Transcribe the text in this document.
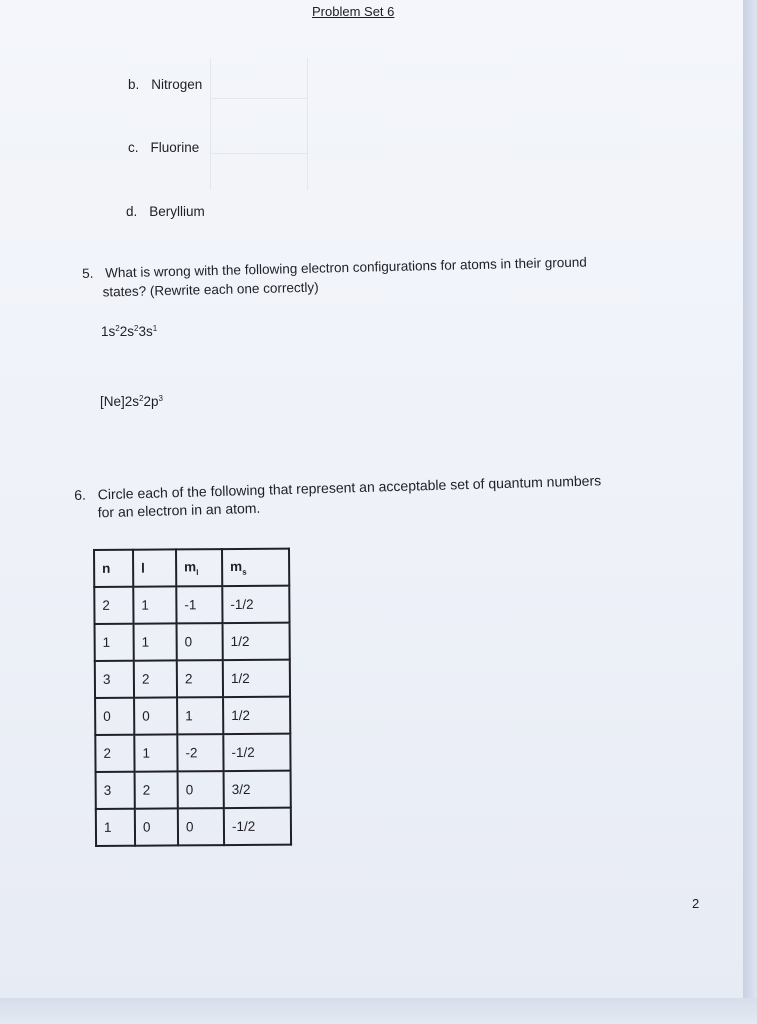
Problem Set 6
b. Nitrogen
c. Fluorine
d. Beryllium
5. What is wrong with the following electron configurations for atoms in their ground
states? (Rewrite each one correctly)
$1s^22s^23s^1$
$[Ne]2s^22p^3$
6. Circle each of the following that represent an acceptable set of quantum numbers
for an electron in an atom.
n	l	$m_l$	$m_s$
2	1	-1	-1/2
1	1	0	1/2
3	2	2	1/2
0	0	1	1/2
2	1	-2	-1/2
3	2	0	3/2
1	0	0	-1/2
2
